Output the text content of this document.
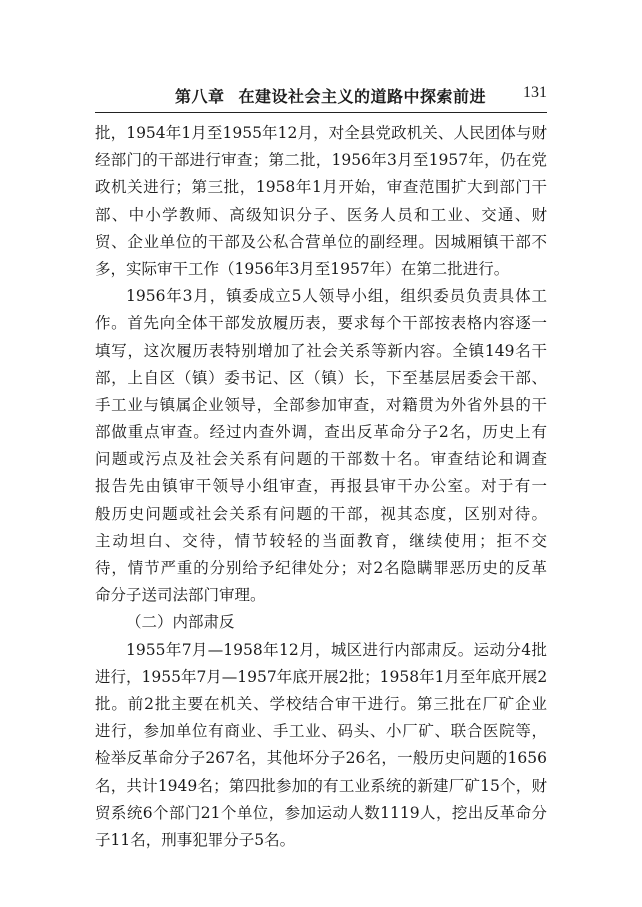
第八章 在建设社会主义的道路中探索前进 131
批，1954年1月至1955年12月，对全县党政机关、人民团体与财
经部门的干部进行审查；第二批，1956年3月至1957年，仍在党
政机关进行；第三批，1958年1月开始，审查范围扩大到部门干
部、中小学教师、高级知识分子、医务人员和工业、交通、财
贸、企业单位的干部及公私合营单位的副经理。因城厢镇干部不
多，实际审干工作（1956年3月至1957年）在第二批进行。
1956年3月，镇委成立5人领导小组，组织委员负责具体工
作。首先向全体干部发放履历表，要求每个干部按表格内容逐一
填写，这次履历表特别增加了社会关系等新内容。全镇149名干
部，上自区（镇）委书记、区（镇）长，下至基层居委会干部、
手工业与镇属企业领导，全部参加审查，对籍贯为外省外县的干
部做重点审查。经过内查外调，查出反革命分子2名，历史上有
问题或污点及社会关系有问题的干部数十名。审查结论和调查
报告先由镇审干领导小组审查，再报县审干办公室。对于有一
般历史问题或社会关系有问题的干部，视其态度，区别对待。
主动坦白、交待，情节较轻的当面教育，继续使用；拒不交
待，情节严重的分别给予纪律处分；对2名隐瞒罪恶历史的反革
命分子送司法部门审理。
（二）内部肃反
1955年7月—1958年12月，城区进行内部肃反。运动分4批
进行，1955年7月—1957年底开展2批；1958年1月至年底开展2
批。前2批主要在机关、学校结合审干进行。第三批在厂矿企业
进行，参加单位有商业、手工业、码头、小厂矿、联合医院等，
检举反革命分子267名，其他坏分子26名，一般历史问题的1656
名，共计1949名；第四批参加的有工业系统的新建厂矿15个，财
贸系统6个部门21个单位，参加运动人数1119人，挖出反革命分
子11名，刑事犯罪分子5名。
